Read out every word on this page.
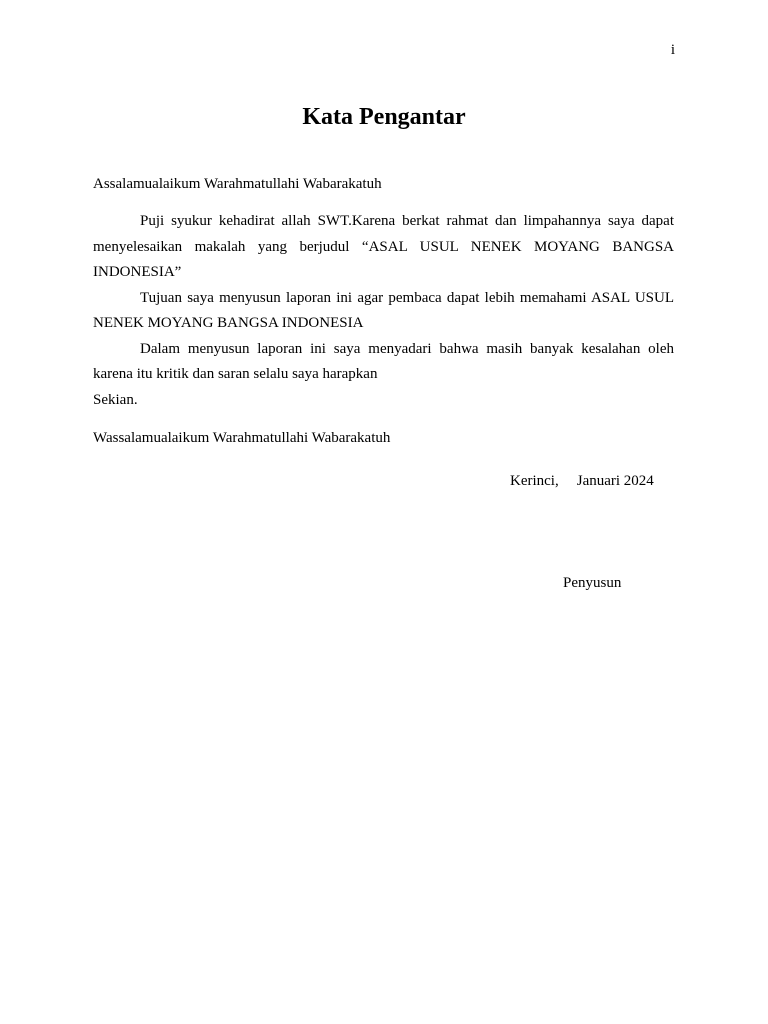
i
Kata Pengantar
Assalamualaikum Warahmatullahi Wabarakatuh

Puji syukur kehadirat allah SWT.Karena berkat rahmat dan limpahannya saya dapat menyelesaikan makalah yang berjudul “ASAL USUL NENEK MOYANG BANGSA INDONESIA”

Tujuan saya menyusun laporan ini agar pembaca dapat lebih memahami ASAL USUL NENEK MOYANG BANGSA INDONESIA

Dalam menyusun laporan ini saya menyadari bahwa masih banyak kesalahan oleh karena itu kritik dan saran selalu saya harapkan

Sekian.

Wassalamualaikum Warahmatullahi Wabarakatuh
Kerinci, Januari 2024
Penyusun
